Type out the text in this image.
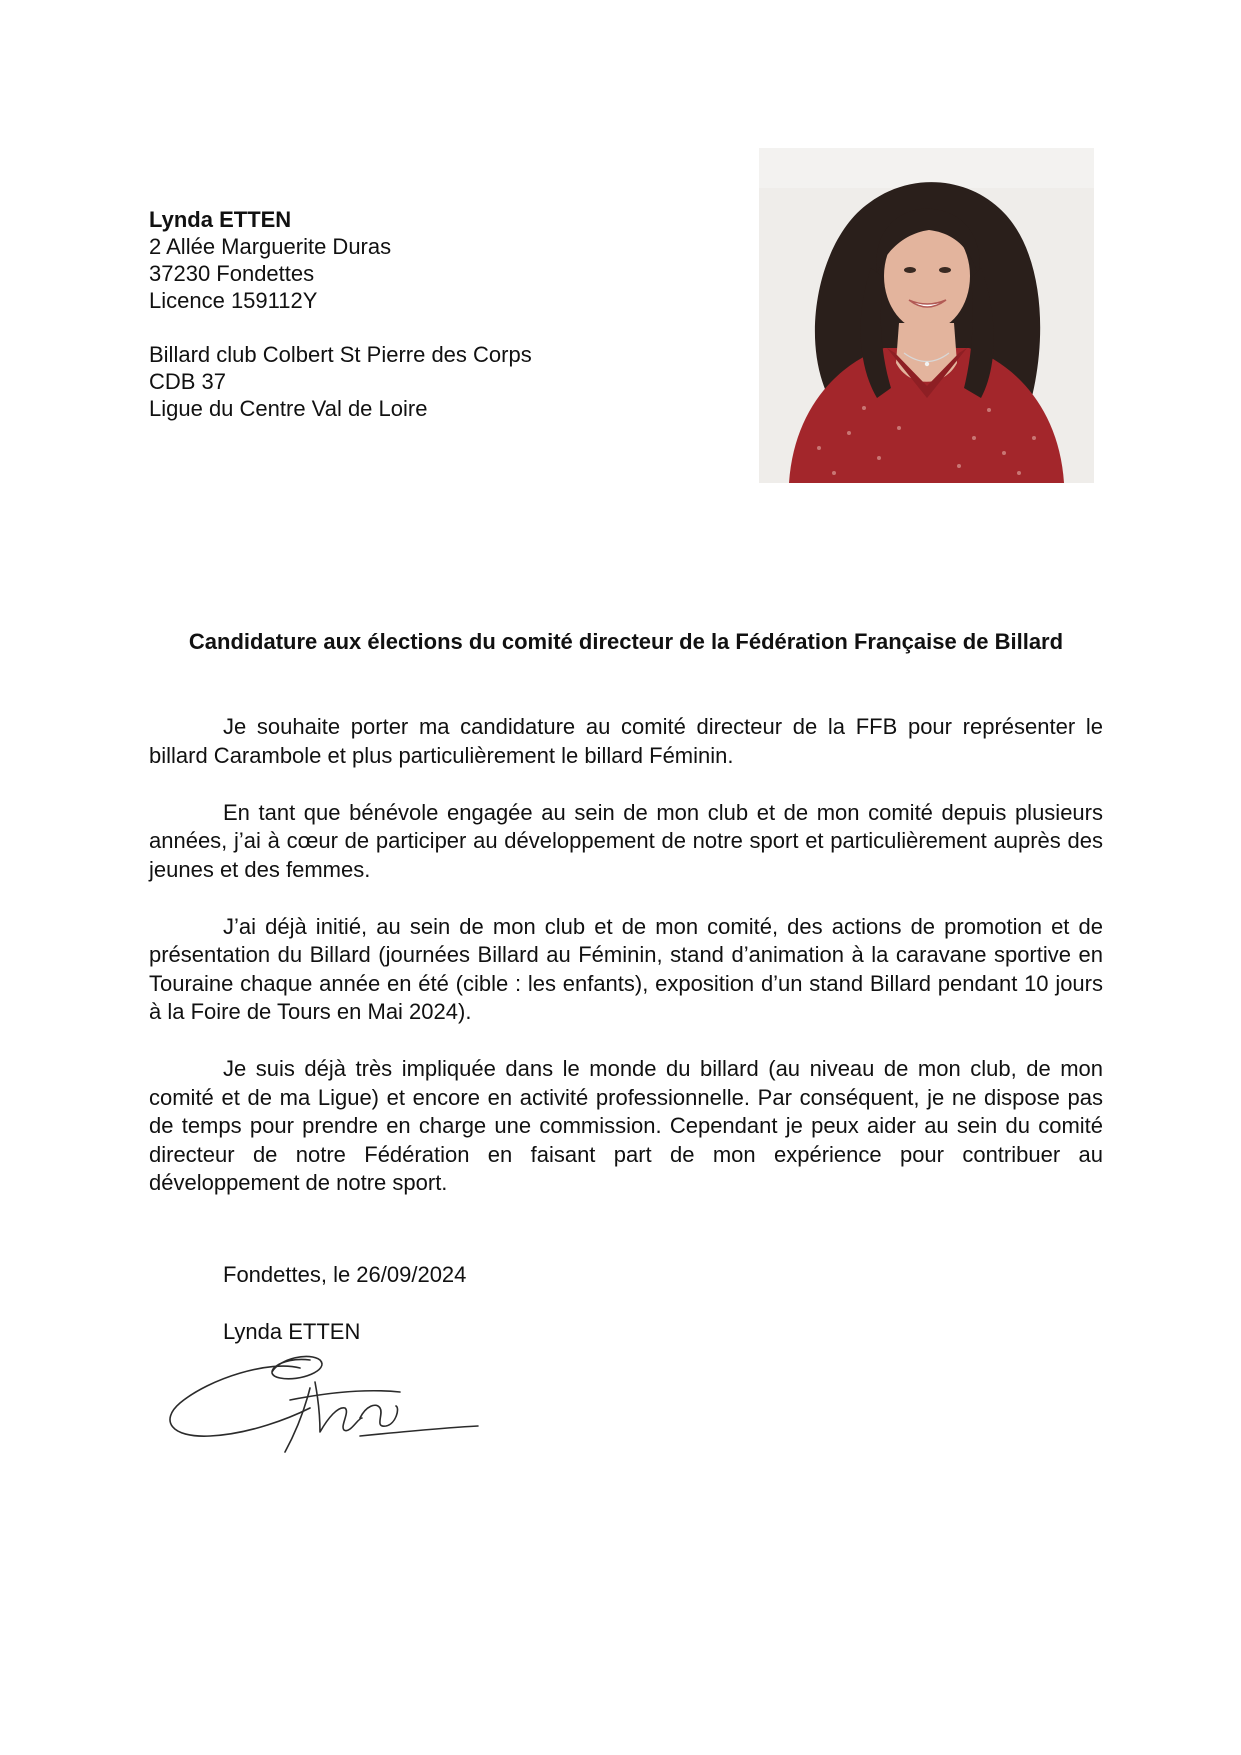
Lynda ETTEN
2 Allée Marguerite Duras
37230 Fondettes
Licence 159112Y
Billard club Colbert St Pierre des Corps
CDB 37
Ligue du Centre Val de Loire
Candidature aux élections du comité directeur de la Fédération Française de Billard

Je souhaite porter ma candidature au comité directeur de la FFB pour représenter le billard Carambole et plus particulièrement le billard Féminin.

En tant que bénévole engagée au sein de mon club et de mon comité depuis plusieurs années, j’ai à cœur de participer au développement de notre sport et particulièrement auprès des jeunes et des femmes.

J’ai déjà initié, au sein de mon club et de mon comité, des actions de promotion et de présentation du Billard (journées Billard au Féminin, stand d’animation à la caravane sportive en Touraine chaque année en été (cible : les enfants), exposition d’un stand Billard pendant 10 jours à la Foire de Tours en Mai 2024).

Je suis déjà très impliquée dans le monde du billard (au niveau de mon club, de mon comité et de ma Ligue) et encore en activité professionnelle. Par conséquent, je ne dispose pas de temps pour prendre en charge une commission. Cependant je peux aider au sein du comité directeur de notre Fédération en faisant part de mon expérience pour contribuer au développement de notre sport.

Fondettes, le 26/09/2024
Lynda ETTEN
